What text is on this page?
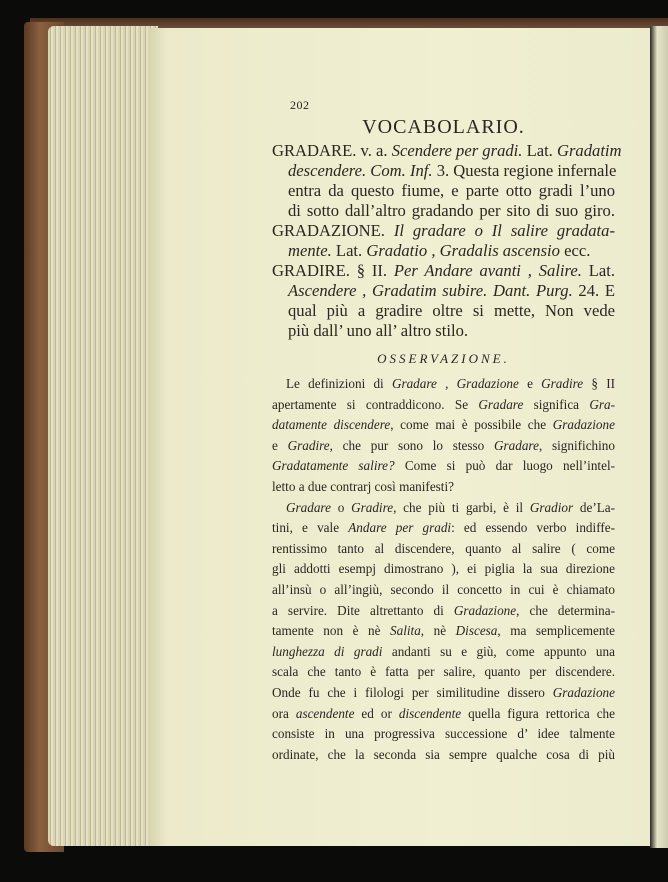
202
VOCABOLARIO.
GRADARE. v. a. Scendere per gradi. Lat. Gradatim
descendere. Com. Inf. 3. Questa regione infernale
entra da questo fiume, e parte otto gradi l’uno
di sotto dall’altro gradando per sito di suo giro.
GRADAZIONE. Il gradare o Il salire gradata-
mente. Lat. Gradatio , Gradalis ascensio ecc.
GRADIRE. § II. Per Andare avanti , Salire. Lat.
Ascendere , Gradatim subire. Dant. Purg. 24. E
qual più a gradire oltre si mette, Non vede
più dall’ uno all’ altro stilo.
OSSERVAZIONE.
Le definizioni di Gradare , Gradazione e Gradire § II
apertamente si contraddicono. Se Gradare significa Gra-
datamente discendere, come mai è possibile che Gradazione
e Gradire, che pur sono lo stesso Gradare, significhino
Gradatamente salire? Come si può dar luogo nell’intel-
letto a due contrarj così manifesti?
Gradare o Gradire, che più ti garbi, è il Gradior de’La-
tini, e vale Andare per gradi: ed essendo verbo indiffe-
rentissimo tanto al discendere, quanto al salire ( come
gli addotti esempj dimostrano ), ei piglia la sua direzione
all’insù o all’ingiù, secondo il concetto in cui è chiamato
a servire. Dite altrettanto di Gradazione, che determina-
tamente non è nè Salita, nè Discesa, ma semplicemente
lunghezza di gradi andanti su e giù, come appunto una
scala che tanto è fatta per salire, quanto per discendere.
Onde fu che i filologi per similitudine dissero Gradazione
ora ascendente ed or discendente quella figura rettorica che
consiste in una progressiva successione d’ idee talmente
ordinate, che la seconda sia sempre qualche cosa di più
